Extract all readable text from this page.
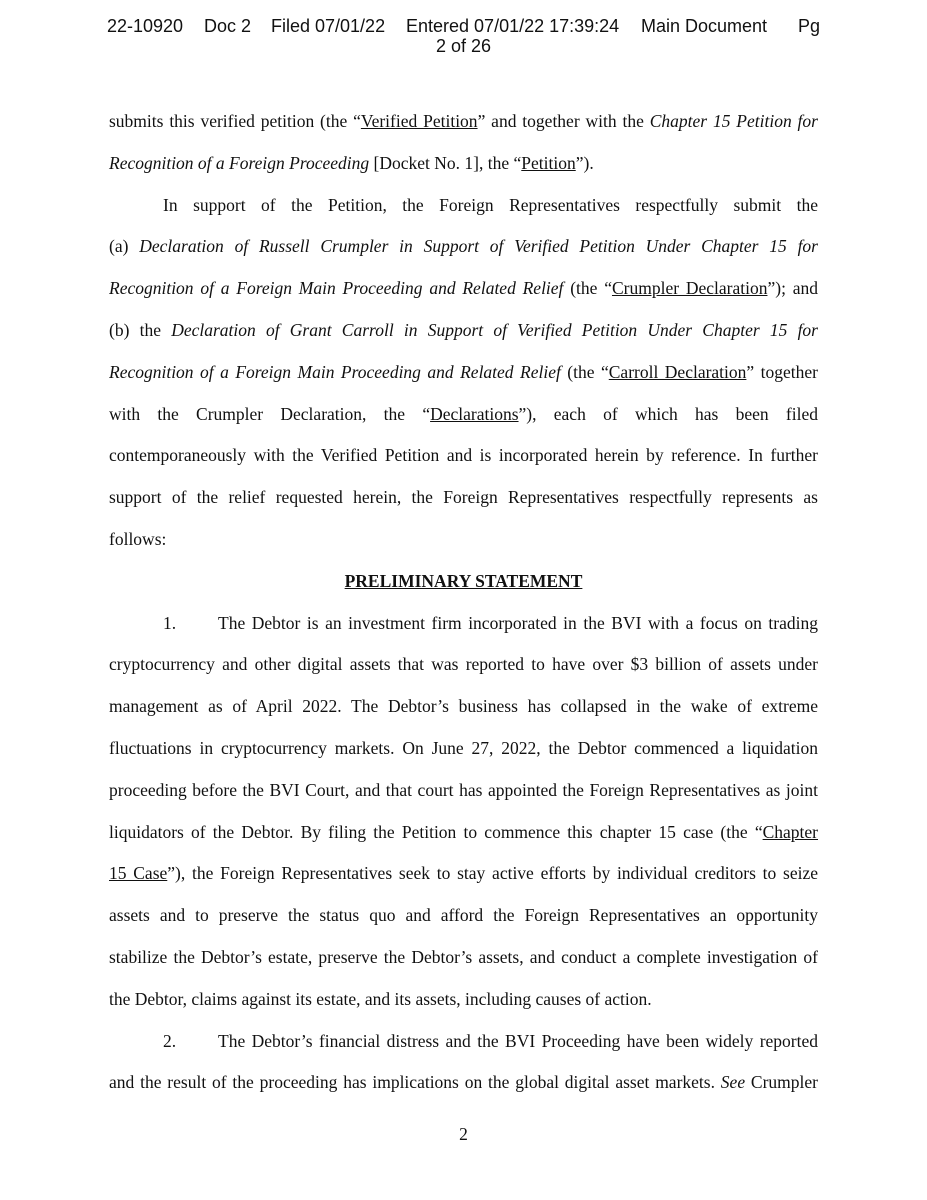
22-10920 Doc 2 Filed 07/01/22 Entered 07/01/22 17:39:24 Main Document Pg
2 of 26
submits this verified petition (the “Verified Petition” and together with the Chapter 15 Petition for
Recognition of a Foreign Proceeding [Docket No. 1], the “Petition”).
In support of the Petition, the Foreign Representatives respectfully submit the
(a) Declaration of Russell Crumpler in Support of Verified Petition Under Chapter 15 for
Recognition of a Foreign Main Proceeding and Related Relief (the “Crumpler Declaration”); and
(b) the Declaration of Grant Carroll in Support of Verified Petition Under Chapter 15 for
Recognition of a Foreign Main Proceeding and Related Relief (the “Carroll Declaration” together
with the Crumpler Declaration, the “Declarations”), each of which has been filed
contemporaneously with the Verified Petition and is incorporated herein by reference. In further
support of the relief requested herein, the Foreign Representatives respectfully represents as
follows:
PRELIMINARY STATEMENT
1. The Debtor is an investment firm incorporated in the BVI with a focus on trading
cryptocurrency and other digital assets that was reported to have over $3 billion of assets under
management as of April 2022. The Debtor’s business has collapsed in the wake of extreme
fluctuations in cryptocurrency markets. On June 27, 2022, the Debtor commenced a liquidation
proceeding before the BVI Court, and that court has appointed the Foreign Representatives as joint
liquidators of the Debtor. By filing the Petition to commence this chapter 15 case (the “Chapter
15 Case”), the Foreign Representatives seek to stay active efforts by individual creditors to seize
assets and to preserve the status quo and afford the Foreign Representatives an opportunity
stabilize the Debtor’s estate, preserve the Debtor’s assets, and conduct a complete investigation of
the Debtor, claims against its estate, and its assets, including causes of action.
2. The Debtor’s financial distress and the BVI Proceeding have been widely reported
and the result of the proceeding has implications on the global digital asset markets. See Crumpler
2
